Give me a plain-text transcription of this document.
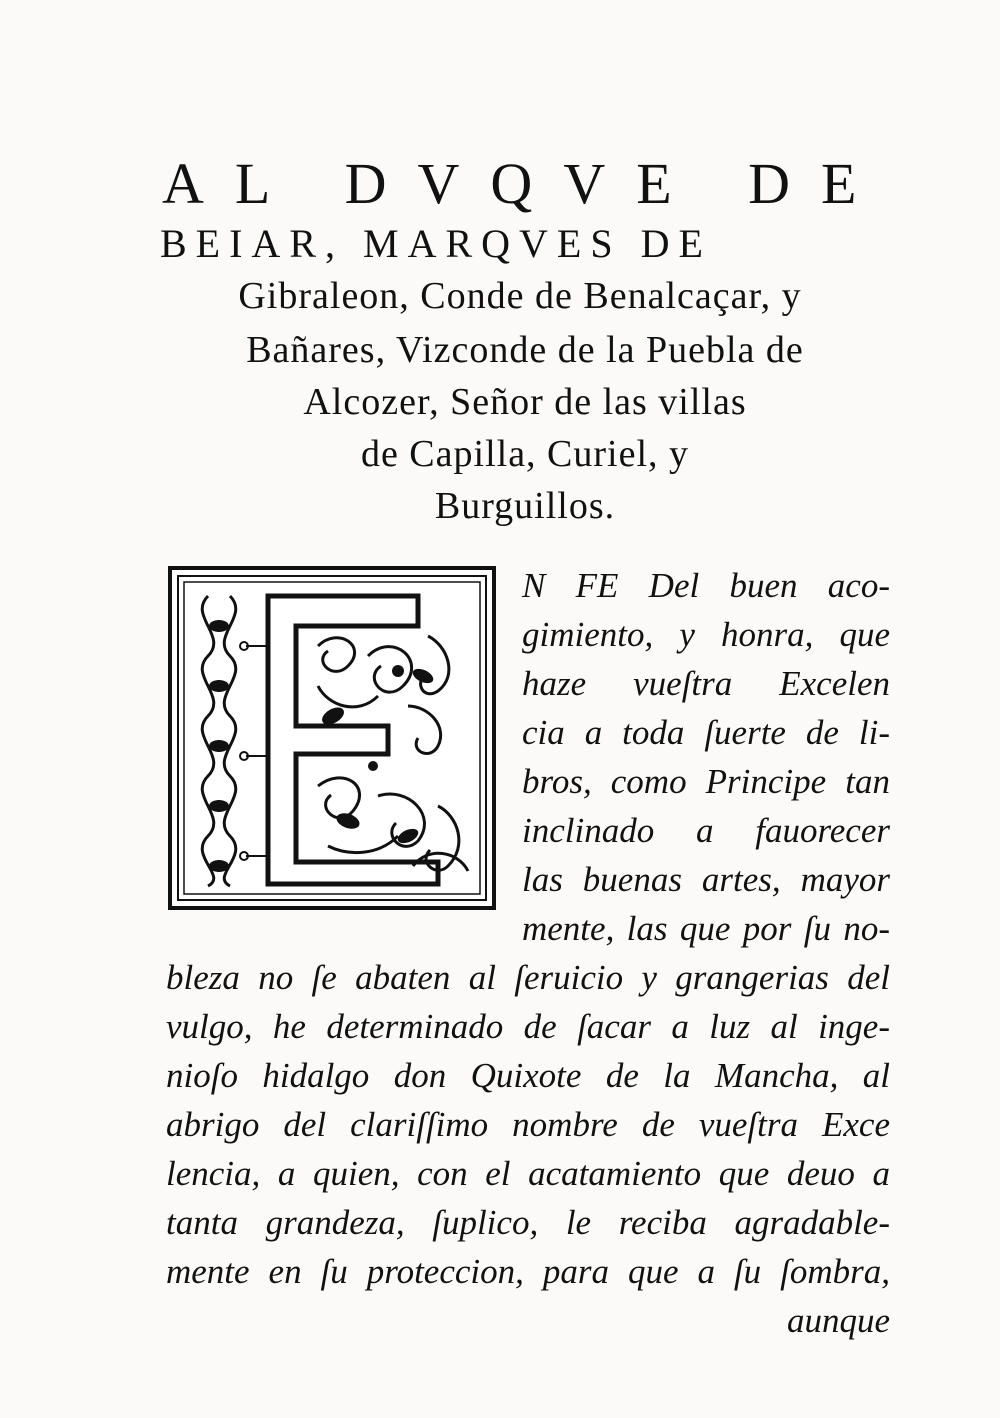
AL DVQVE DE
BEIAR, MARQVES DE
Gibraleon, Conde de Benalcaçar, y
Bañares, Vizconde de la Puebla de
Alcozer, Señor de las villas
de Capilla, Curiel, y
Burguillos.
N FE Del buen aco-
gimiento, y honra, que
haze vueſtra Excelen
cia a toda ſuerte de li-
bros, como Principe tan
inclinado a fauorecer
las buenas artes, mayor
mente, las que por ſu no-
bleza no ſe abaten al ſeruicio y grangerias del
vulgo, he determinado de ſacar a luz al inge-
nioſo hidalgo don Quixote de la Mancha, al
abrigo del clariſſimo nombre de vueſtra Exce
lencia, a quien, con el acatamiento que deuo a
tanta grandeza, ſuplico, le reciba agradable-
mente en ſu proteccion, para que a ſu ſombra,
aunque
